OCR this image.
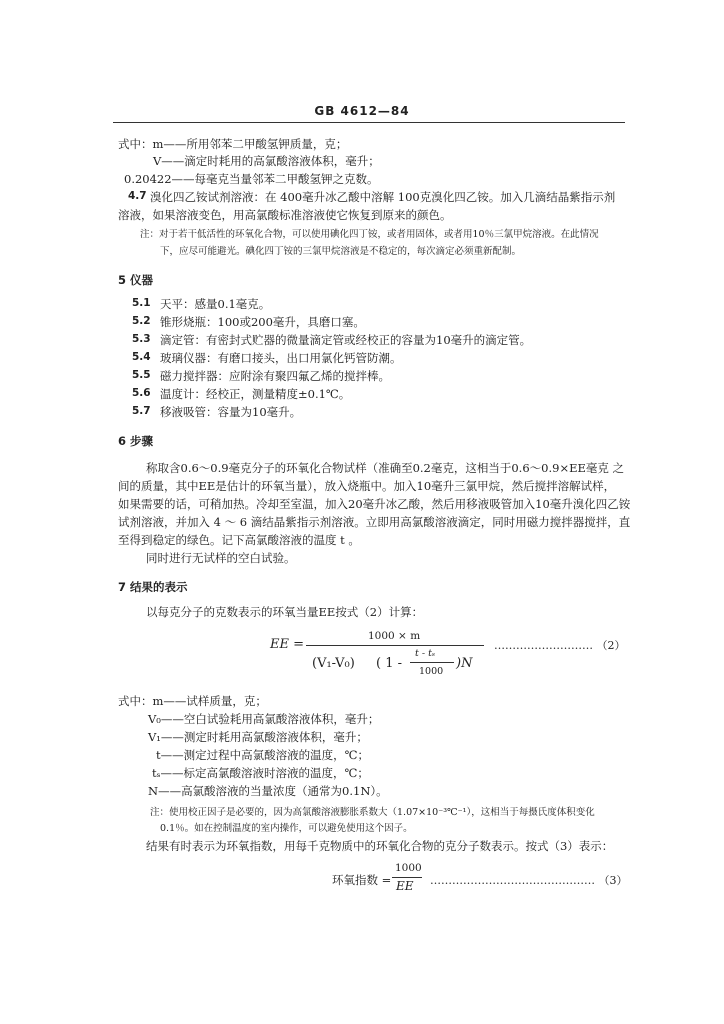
GB 4612—84
式中：m——所用邻苯二甲酸氢钾质量，克；
V——滴定时耗用的高氯酸溶液体积，毫升；
0.20422——每毫克当量邻苯二甲酸氢钾之克数。
4.7 溴化四乙铵试剂溶液：在 400毫升冰乙酸中溶解 100克溴化四乙铵。加入几滴结晶紫指示剂
溶液，如果溶液变色，用高氯酸标准溶液使它恢复到原来的颜色。
注：对于若干低活性的环氧化合物，可以使用碘化四丁铵，或者用固体，或者用10％三氯甲烷溶液。在此情况
下，应尽可能避光。碘化四丁铵的三氯甲烷溶液是不稳定的，每次滴定必须重新配制。
5 仪器
5.1 天平：感量0.1毫克。
5.2 锥形烧瓶：100或200毫升，具磨口塞。
5.3 滴定管：有密封式贮器的微量滴定管或经校正的容量为10毫升的滴定管。
5.4 玻璃仪器：有磨口接头，出口用氯化钙管防潮。
5.5 磁力搅拌器：应附涂有聚四氟乙烯的搅拌棒。
5.6 温度计：经校正，测量精度±0.1℃。
5.7 移液吸管：容量为10毫升。
6 步骤
称取含0.6～0.9毫克分子的环氧化合物试样（准确至0.2毫克，这相当于0.6～0.9×EE毫克 之
间的质量，其中EE是估计的环氧当量），放入烧瓶中。加入10毫升三氯甲烷，然后搅拌溶解试样，
如果需要的话，可稍加热。冷却至室温，加入20毫升冰乙酸，然后用移液吸管加入10毫升溴化四乙铵
试剂溶液，并加入 4 ～ 6 滴结晶紫指示剂溶液。立即用高氯酸溶液滴定，同时用磁力搅拌器搅拌，直
至得到稳定的绿色。记下高氯酸溶液的温度 t 。
同时进行无试样的空白试验。
7 结果的表示
以每克分子的克数表示的环氧当量EE按式（2）计算：
EE =
1000 × m
(V₁-V₀) ( 1 -
t - tₛ
1000
)N
……………………… （2）
式中：m——试样质量，克；
V₀——空白试验耗用高氯酸溶液体积，毫升；
V₁——测定时耗用高氯酸溶液体积，毫升；
t——测定过程中高氯酸溶液的温度，℃；
tₛ——标定高氯酸溶液时溶液的温度，℃；
N——高氯酸溶液的当量浓度（通常为0.1N）。
注：使用校正因子是必要的，因为高氯酸溶液膨胀系数大（1.07×10⁻³℃⁻¹），这相当于每摄氏度体积变化
0.1％。如在控制温度的室内操作，可以避免使用这个因子。
结果有时表示为环氧指数，用每千克物质中的环氧化合物的克分子数表示。按式（3）表示：
环氧指数 =
1000
EE ……………………………………… （3）
